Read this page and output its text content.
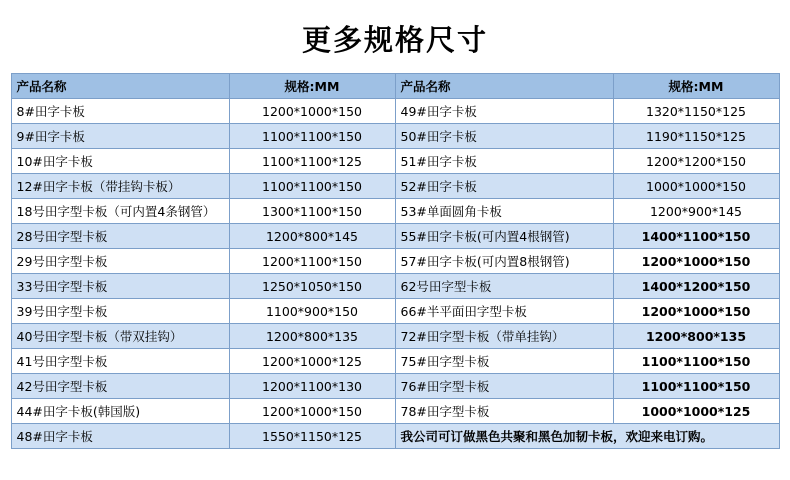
更多规格尺寸
产品名称	规格:MM	产品名称	规格:MM
8#田字卡板	1200*1000*150	49#田字卡板	1320*1150*125
9#田字卡板	1100*1100*150	50#田字卡板	1190*1150*125
10#田字卡板	1100*1100*125	51#田字卡板	1200*1200*150
12#田字卡板（带挂钩卡板）	1100*1100*150	52#田字卡板	1000*1000*150
18号田字型卡板（可内置4条钢管）	1300*1100*150	53#单面圆角卡板	1200*900*145
28号田字型卡板	1200*800*145	55#田字卡板(可内置4根钢管)	1400*1100*150
29号田字型卡板	1200*1100*150	57#田字卡板(可内置8根钢管)	1200*1000*150
33号田字型卡板	1250*1050*150	62号田字型卡板	1400*1200*150
39号田字型卡板	1100*900*150	66#半平面田字型卡板	1200*1000*150
40号田字型卡板（带双挂钩）	1200*800*135	72#田字型卡板（带单挂钩）	1200*800*135
41号田字型卡板	1200*1000*125	75#田字型卡板	1100*1100*150
42号田字型卡板	1200*1100*130	76#田字型卡板	1100*1100*150
44#田字卡板(韩国版)	1200*1000*150	78#田字型卡板	1000*1000*125
48#田字卡板	1550*1150*125	我公司可订做黑色共聚和黑色加韧卡板，欢迎来电订购。	
